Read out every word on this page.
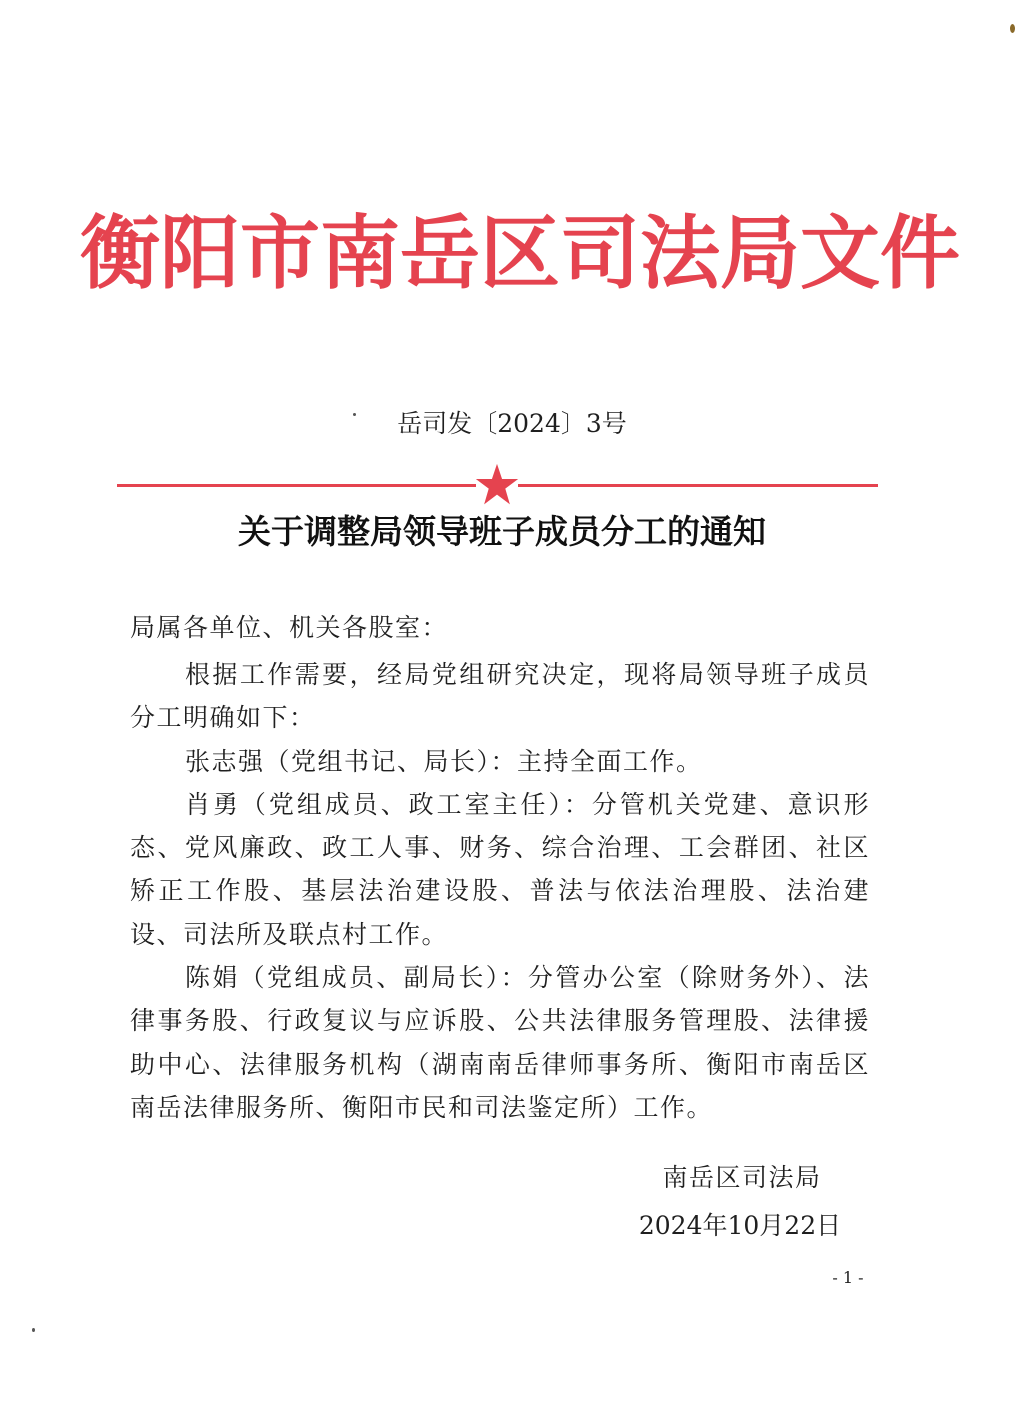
衡阳市南岳区司法局文件
岳司发〔2024〕3号
关于调整局领导班子成员分工的通知
局属各单位、机关各股室：

根据工作需要，经局党组研究决定，现将局领导班子成员分工明确如下：

张志强（党组书记、局长）：主持全面工作。

肖勇（党组成员、政工室主任）：分管机关党建、意识形态、党风廉政、政工人事、财务、综合治理、工会群团、社区矫正工作股、基层法治建设股、普法与依法治理股、法治建设、司法所及联点村工作。

陈娟（党组成员、副局长）：分管办公室（除财务外）、法律事务股、行政复议与应诉股、公共法律服务管理股、法律援助中心、法律服务机构（湖南南岳律师事务所、衡阳市南岳区南岳法律服务所、衡阳市民和司法鉴定所）工作。

南岳区司法局
2024年10月22日
- 1 -
